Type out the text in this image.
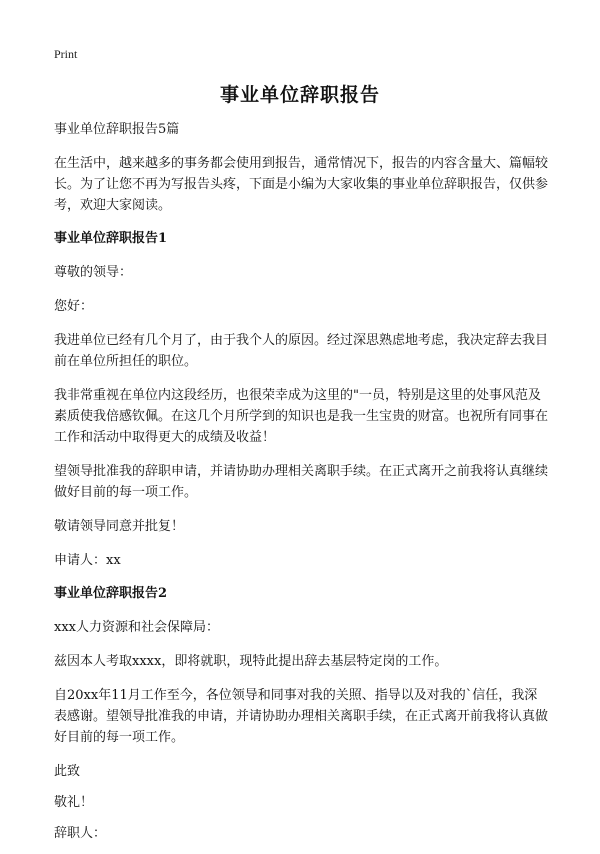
Print
事业单位辞职报告
事业单位辞职报告5篇
在生活中，越来越多的事务都会使用到报告，通常情况下，报告的内容含量大、篇幅较长。为了让您不再为写报告头疼，下面是小编为大家收集的事业单位辞职报告，仅供参考，欢迎大家阅读。
事业单位辞职报告1
尊敬的领导：
您好：
我进单位已经有几个月了，由于我个人的原因。经过深思熟虑地考虑，我决定辞去我目前在单位所担任的职位。
我非常重视在单位内这段经历，也很荣幸成为这里的"一员，特别是这里的处事风范及素质使我倍感钦佩。在这几个月所学到的知识也是我一生宝贵的财富。也祝所有同事在工作和活动中取得更大的成绩及收益！
望领导批准我的辞职申请，并请协助办理相关离职手续。在正式离开之前我将认真继续做好目前的每一项工作。
敬请领导同意并批复！
申请人：xx
事业单位辞职报告2
xxx人力资源和社会保障局：
兹因本人考取xxxx，即将就职，现特此提出辞去基层特定岗的工作。
自20xx年11月工作至今，各位领导和同事对我的关照、指导以及对我的`信任，我深表感谢。望领导批准我的申请，并请协助办理相关离职手续，在正式离开前我将认真做好目前的每一项工作。
此致
敬礼！
辞职人：
